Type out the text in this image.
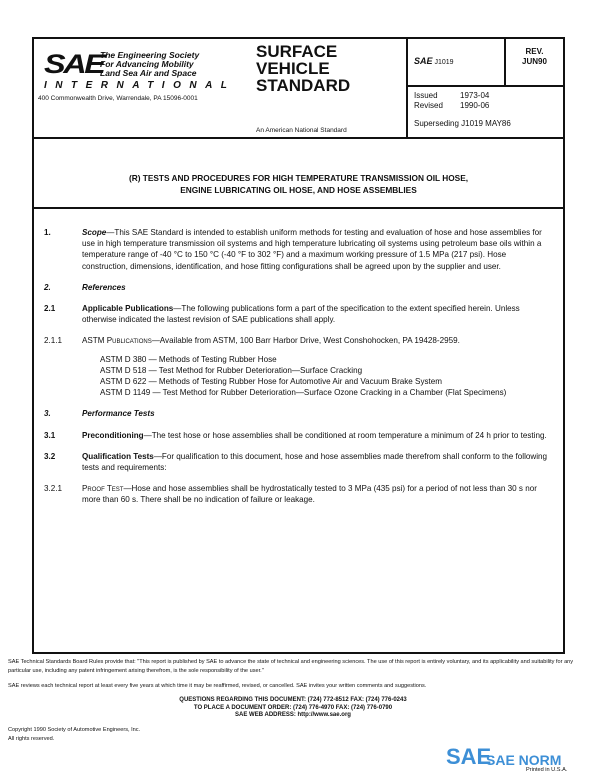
SAE
The Engineering Society
For Advancing Mobility
Land Sea Air and Space
INTERNATIONAL
400 Commonwealth Drive, Warrendale, PA 15096-0001
SURFACE
VEHICLE
STANDARD
An American National Standard
SAE J1019
REV.
JUN90
Issued	1973-04
Revised 1990-06
Superseding J1019 MAY86
(R) TESTS AND PROCEDURES FOR HIGH TEMPERATURE TRANSMISSION OIL HOSE,
ENGINE LUBRICATING OIL HOSE, AND HOSE ASSEMBLIES
1.	Scope—This SAE Standard is intended to establish uniform methods for testing and evaluation of hose and hose assemblies for use in high temperature transmission oil systems and high temperature lubricating oil systems using petroleum base oils within a temperature range of -40 °C to 150 °C (-40 °F to 302 °F) and a maximum working pressure of 1.5 MPa (217 psi). Hose construction, dimensions, identification, and hose fitting configurations shall be agreed upon by the supplier and user.
2.	References
2.1	Applicable Publications—The following publications form a part of the specification to the extent specified herein. Unless otherwise indicated the lastest revision of SAE publications shall apply.
2.1.1 ASTM Publications—Available from ASTM, 100 Barr Harbor Drive, West Conshohocken, PA 19428-2959.
ASTM D 380 — Methods of Testing Rubber Hose
ASTM D 518 — Test Method for Rubber Deterioration—Surface Cracking
ASTM D 622 — Methods of Testing Rubber Hose for Automotive Air and Vacuum Brake System
ASTM D 1149 — Test Method for Rubber Deterioration—Surface Ozone Cracking in a Chamber (Flat Specimens)
3.	Performance Tests
3.1	Preconditioning—The test hose or hose assemblies shall be conditioned at room temperature a minimum of 24 h prior to testing.
3.2	Qualification Tests—For qualification to this document, hose and hose assemblies made therefrom shall conform to the following tests and requirements:
3.2.1 Proof Test—Hose and hose assemblies shall be hydrostatically tested to 3 MPa (435 psi) for a period of not less than 30 s nor more than 60 s. There shall be no indication of failure or leakage.
SAE Technical Standards Board Rules provide that: "This report is published by SAE to advance the state of technical and engineering sciences. The use of this report is entirely voluntary, and its applicability and suitability for any particular use, including any patent infringement arising therefrom, is the sole responsibility of the user."
SAE reviews each technical report at least every five years at which time it may be reaffirmed, revised, or cancelled. SAE invites your written comments and suggestions.
QUESTIONS REGARDING THIS DOCUMENT: (724) 772-8512 FAX: (724) 776-0243
TO PLACE A DOCUMENT ORDER: (724) 776-4970 FAX: (724) 776-0790
SAE WEB ADDRESS: http://www.sae.org
Copyright 1990 Society of Automotive Engineers, Inc.
All rights reserved.
Printed in U.S.A.
SAE
SAE NORM
